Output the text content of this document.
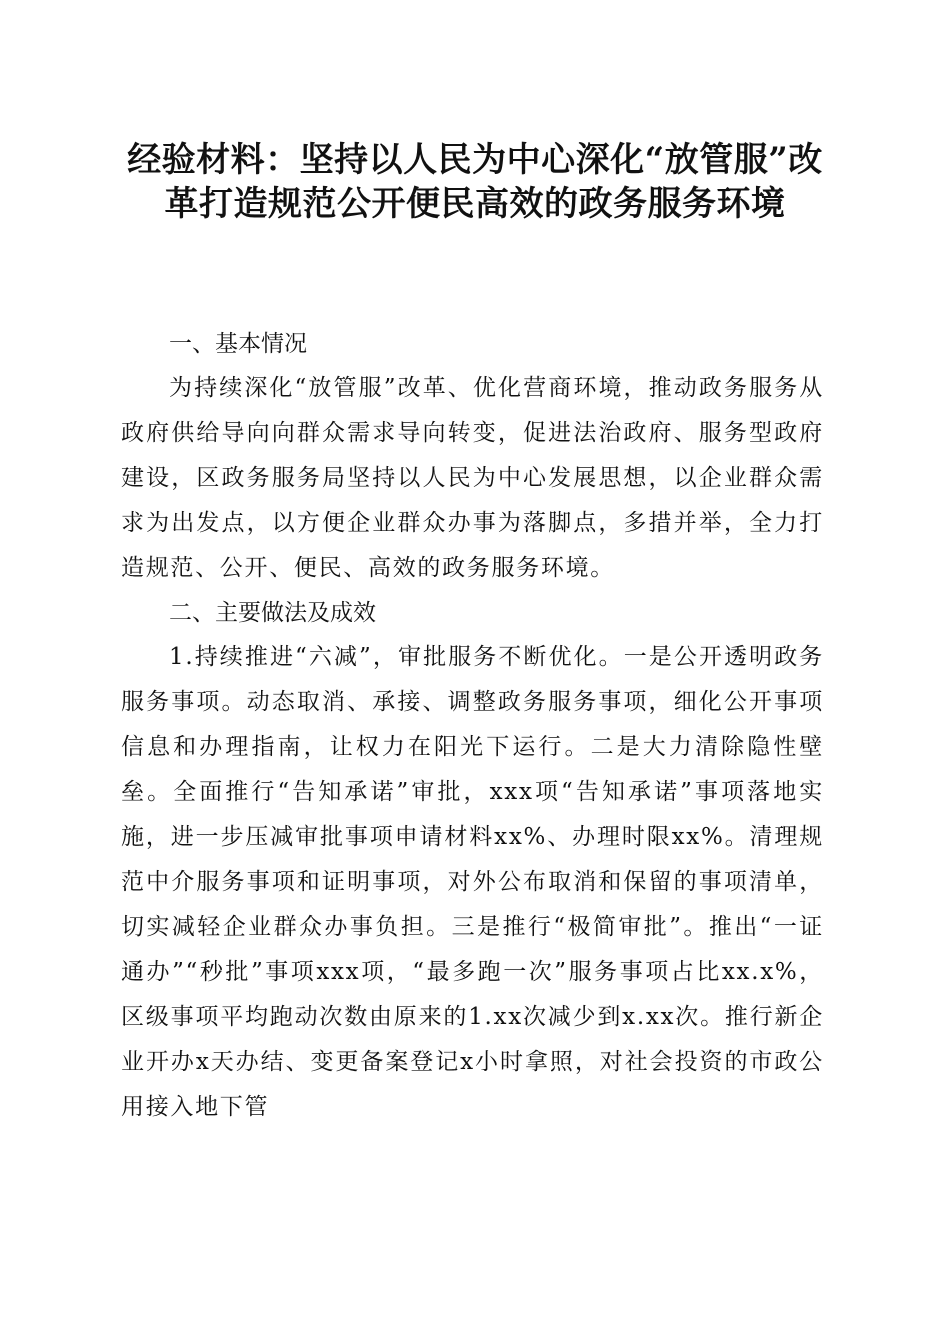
经验材料：坚持以人民为中心深化“放管服”改革打造规范公开便民高效的政务服务环境
一、基本情况

为持续深化“放管服”改革、优化营商环境，推动政务服务从政府供给导向向群众需求导向转变，促进法治政府、服务型政府建设，区政务服务局坚持以人民为中心发展思想，以企业群众需求为出发点，以方便企业群众办事为落脚点，多措并举，全力打造规范、公开、便民、高效的政务服务环境。

二、主要做法及成效

1.持续推进“六减”，审批服务不断优化。一是公开透明政务服务事项。动态取消、承接、调整政务服务事项，细化公开事项信息和办理指南，让权力在阳光下运行。二是大力清除隐性壁垒。全面推行“告知承诺”审批，xxx项“告知承诺”事项落地实施，进一步压减审批事项申请材料xx%、办理时限xx%。清理规范中介服务事项和证明事项，对外公布取消和保留的事项清单，切实减轻企业群众办事负担。三是推行“极简审批”。推出“一证通办”“秒批”事项xxx项，“最多跑一次”服务事项占比xx.x%，区级事项平均跑动次数由原来的1.xx次减少到x.xx次。推行新企业开办x天办结、变更备案登记x小时拿照，对社会投资的市政公用接入地下管
